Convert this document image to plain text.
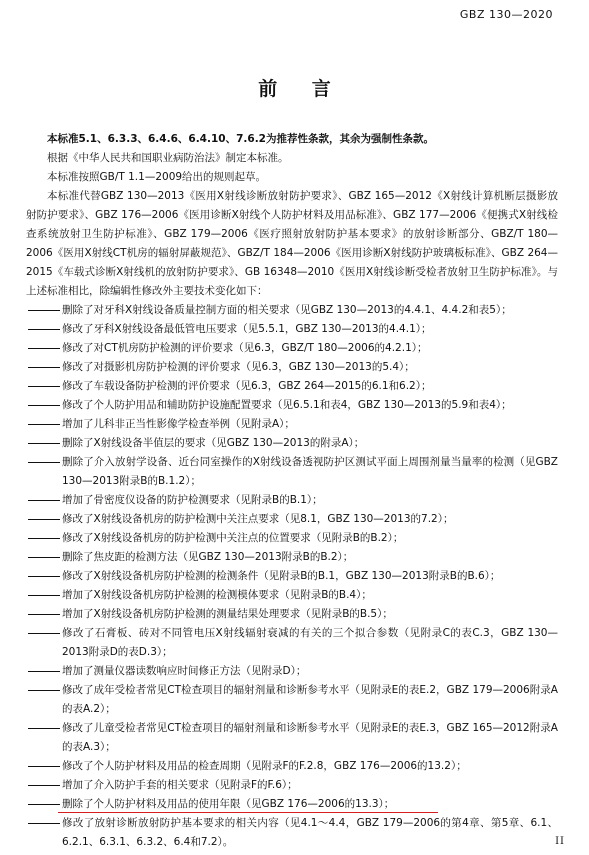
GBZ 130—2020
前 言

本标准5.1、6.3.3、6.4.6、6.4.10、7.6.2为推荐性条款，其余为强制性条款。

根据《中华人民共和国职业病防治法》制定本标准。

本标准按照GB/T 1.1—2009给出的规则起草。

本标准代替GBZ 130—2013《医用X射线诊断放射防护要求》、GBZ 165—2012《X射线计算机断层摄影放射防护要求》、GBZ 176—2006《医用诊断X射线个人防护材料及用品标准》、GBZ 177—2006《便携式X射线检查系统放射卫生防护标准》、GBZ 179—2006《医疗照射放射防护基本要求》的放射诊断部分、GBZ/T 180—2006《医用X射线CT机房的辐射屏蔽规范》、GBZ/T 184—2006《医用诊断X射线防护玻璃板标准》、GBZ 264—2015《车载式诊断X射线机的放射防护要求》、GB 16348—2010《医用X射线诊断受检者放射卫生防护标准》。与上述标准相比，除编辑性修改外主要技术变化如下：

删除了对牙科X射线设备质量控制方面的相关要求（见GBZ 130—2013的4.4.1、4.4.2和表5）；
修改了牙科X射线设备最低管电压要求（见5.5.1，GBZ 130—2013的4.4.1）；
修改了对CT机房防护检测的评价要求（见6.3，GBZ/T 180—2006的4.2.1）；
修改了对摄影机房防护检测的评价要求（见6.3，GBZ 130—2013的5.4）；
修改了车载设备防护检测的评价要求（见6.3，GBZ 264—2015的6.1和6.2）；
修改了个人防护用品和辅助防护设施配置要求（见6.5.1和表4，GBZ 130—2013的5.9和表4）；
增加了儿科非正当性影像学检查举例（见附录A）；
删除了X射线设备半值层的要求（见GBZ 130—2013的附录A）；
删除了介入放射学设备、近台同室操作的X射线设备透视防护区测试平面上周围剂量当量率的检测（见GBZ 130—2013附录B的B.1.2）；
增加了骨密度仪设备的防护检测要求（见附录B的B.1）；
修改了X射线设备机房的防护检测中关注点要求（见8.1，GBZ 130—2013的7.2）；
修改了X射线设备机房的防护检测中关注点的位置要求（见附录B的B.2）；
删除了焦皮距的检测方法（见GBZ 130—2013附录B的B.2）；
修改了X射线设备机房防护检测的检测条件（见附录B的B.1，GBZ 130—2013附录B的B.6）；
增加了X射线设备机房防护检测的检测模体要求（见附录B的B.4）；
增加了X射线设备机房防护检测的测量结果处理要求（见附录B的B.5）；
修改了石膏板、砖对不同管电压X射线辐射衰减的有关的三个拟合参数（见附录C的表C.3，GBZ 130—2013附录D的表D.3）；
增加了测量仪器读数响应时间修正方法（见附录D）；
修改了成年受检者常见CT检查项目的辐射剂量和诊断参考水平（见附录E的表E.2，GBZ 179—2006附录A的表A.2）；
修改了儿童受检者常见CT检查项目的辐射剂量和诊断参考水平（见附录E的表E.3，GBZ 165—2012附录A的表A.3）；
修改了个人防护材料及用品的检查周期（见附录F的F.2.8，GBZ 176—2006的13.2）；
增加了介入防护手套的相关要求（见附录F的F.6）；
删除了个人防护材料及用品的使用年限（见GBZ 176—2006的13.3）；
修改了放射诊断放射防护基本要求的相关内容（见4.1～4.4，GBZ 179—2006的第4章、第5章、6.1、6.2.1、6.3.1、6.3.2、6.4和7.2）。	II
